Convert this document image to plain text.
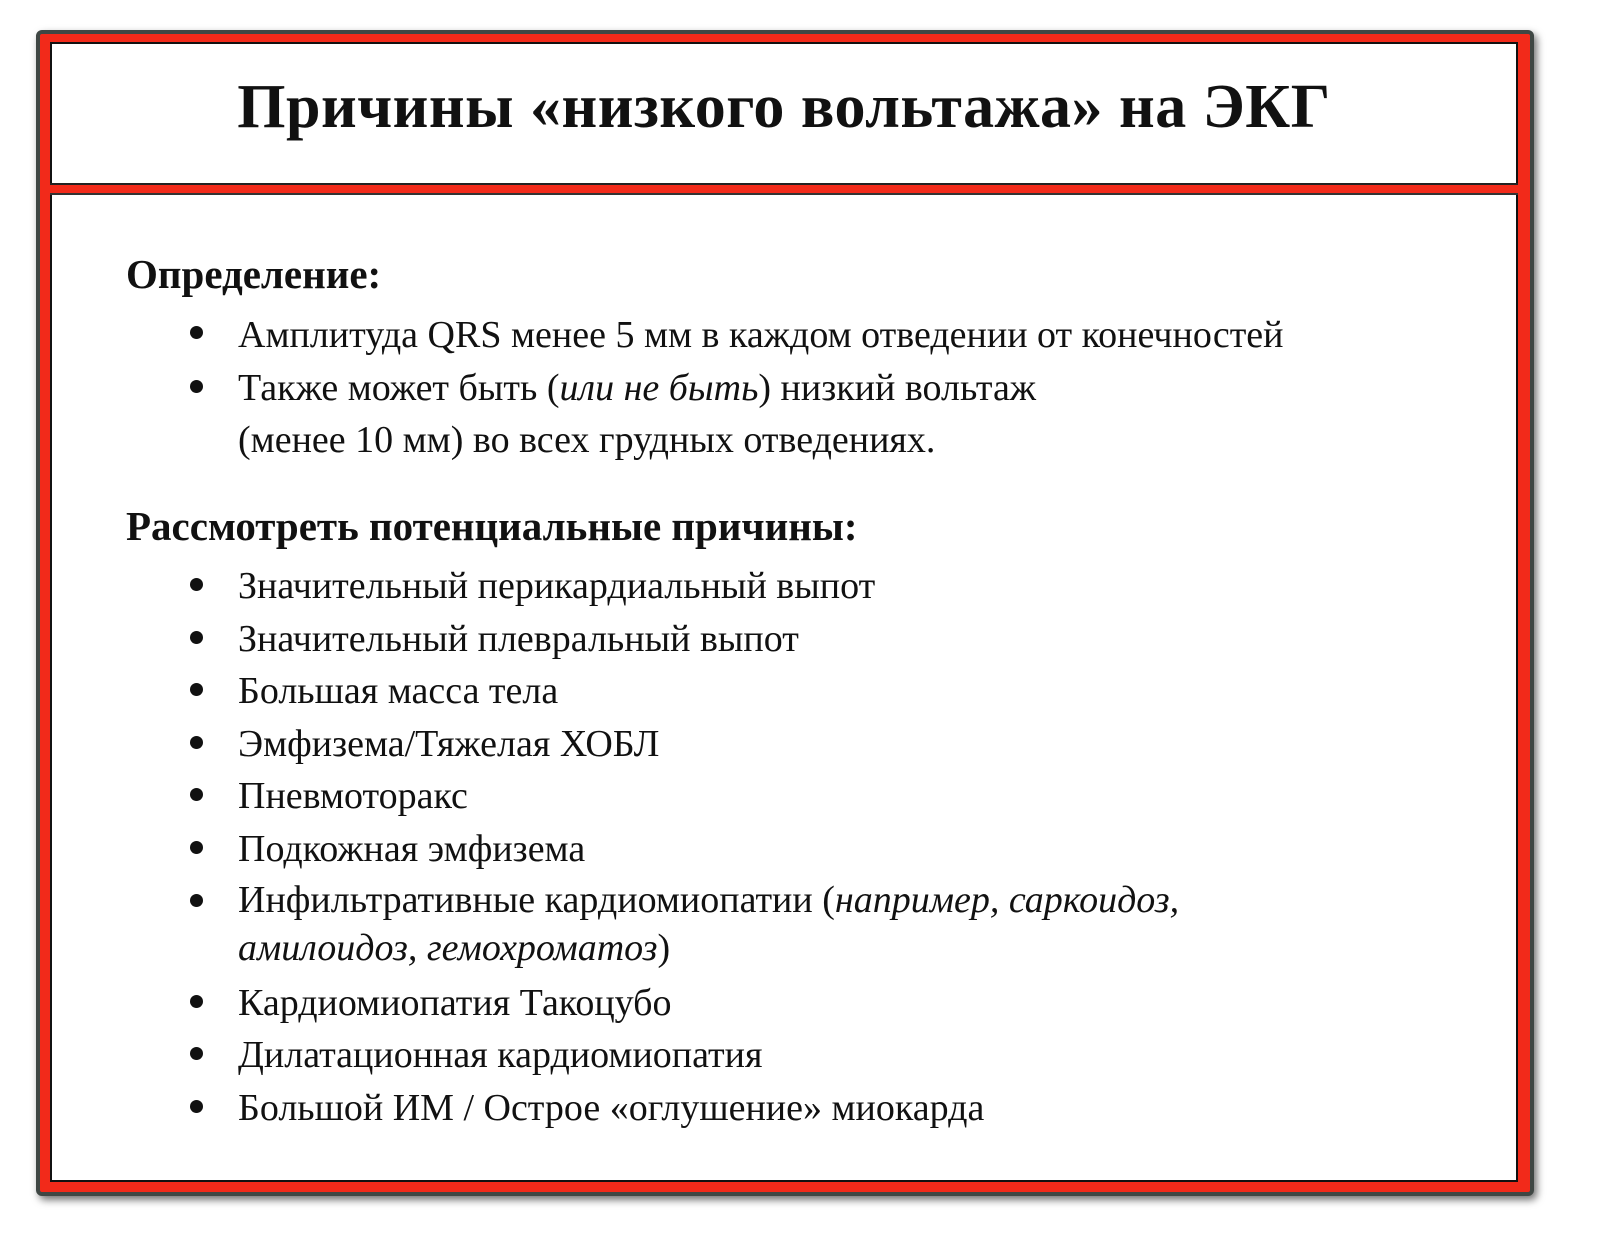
Причины «низкого вольтажа» на ЭКГ
Определение:
Амплитуда QRS менее 5 мм в каждом отведении от конечностей
Также может быть (или не быть) низкий вольтаж
(менее 10 мм) во всех грудных отведениях.
Рассмотреть потенциальные причины:
Значительный перикардиальный выпот
Значительный плевральный выпот
Большая масса тела
Эмфизема/Тяжелая ХОБЛ
Пневмоторакс
Подкожная эмфизема
Инфильтративные кардиомиопатии (например, саркоидоз,
амилоидоз, гемохроматоз)
Кардиомиопатия Такоцубо
Дилатационная кардиомиопатия
Большой ИМ / Острое «оглушение» миокарда
